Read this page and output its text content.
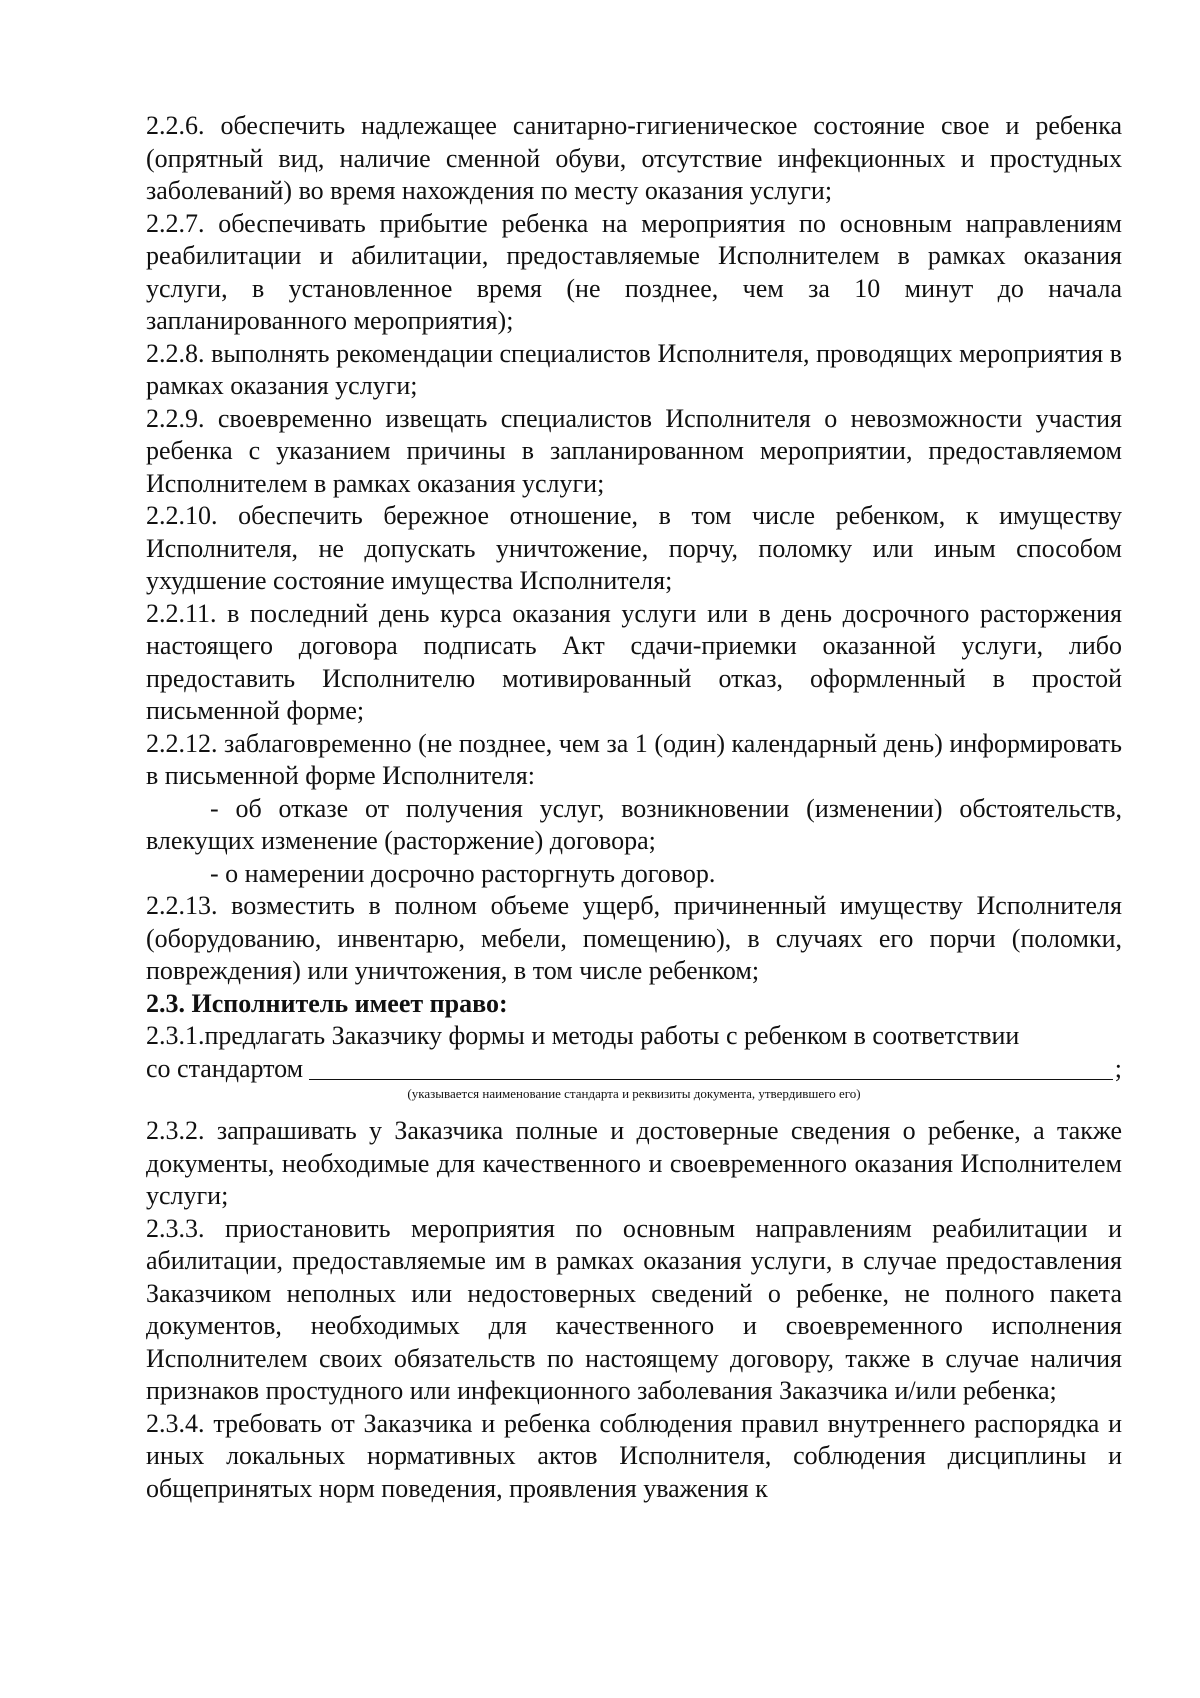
2.2.6. обеспечить надлежащее санитарно-гигиеническое состояние свое и ребенка (опрятный вид, наличие сменной обуви, отсутствие инфекционных и простудных заболеваний) во время нахождения по месту оказания услуги;

2.2.7. обеспечивать прибытие ребенка на мероприятия по основным направлениям реабилитации и абилитации, предоставляемые Исполнителем в рамках оказания услуги, в установленное время (не позднее, чем за 10 минут до начала запланированного мероприятия);

2.2.8. выполнять рекомендации специалистов Исполнителя, проводящих мероприятия в рамках оказания услуги;

2.2.9. своевременно извещать специалистов Исполнителя о невозможности участия ребенка с указанием причины в запланированном мероприятии, предоставляемом Исполнителем в рамках оказания услуги;

2.2.10. обеспечить бережное отношение, в том числе ребенком, к имуществу Исполнителя, не допускать уничтожение, порчу, поломку или иным способом ухудшение состояние имущества Исполнителя;

2.2.11. в последний день курса оказания услуги или в день досрочного расторжения настоящего договора подписать Акт сдачи-приемки оказанной услуги, либо предоставить Исполнителю мотивированный отказ, оформленный в простой письменной форме;

2.2.12. заблаговременно (не позднее, чем за 1 (один) календарный день) информировать в письменной форме Исполнителя:

- об отказе от получения услуг, возникновении (изменении) обстоятельств, влекущих изменение (расторжение) договора;

- о намерении досрочно расторгнуть договор.

2.2.13. возместить в полном объеме ущерб, причиненный имуществу Исполнителя (оборудованию, инвентарю, мебели, помещению), в случаях его порчи (поломки, повреждения) или уничтожения, в том числе ребенком;

2.3. Исполнитель имеет право:

2.3.1.предлагать Заказчику формы и методы работы с ребенком в соответствии

со стандартом	;

(указывается наименование стандарта и реквизиты документа, утвердившего его)

2.3.2. запрашивать у Заказчика полные и достоверные сведения о ребенке, а также документы, необходимые для качественного и своевременного оказания Исполнителем услуги;

2.3.3. приостановить мероприятия по основным направлениям реабилитации и абилитации, предоставляемые им в рамках оказания услуги, в случае предоставления Заказчиком неполных или недостоверных сведений о ребенке, не полного пакета документов, необходимых для качественного и своевременного исполнения Исполнителем своих обязательств по настоящему договору, также в случае наличия признаков простудного или инфекционного заболевания Заказчика и/или ребенка;

2.3.4. требовать от Заказчика и ребенка соблюдения правил внутреннего распорядка и иных локальных нормативных актов Исполнителя, соблюдения дисциплины и общепринятых норм поведения, проявления уважения к
